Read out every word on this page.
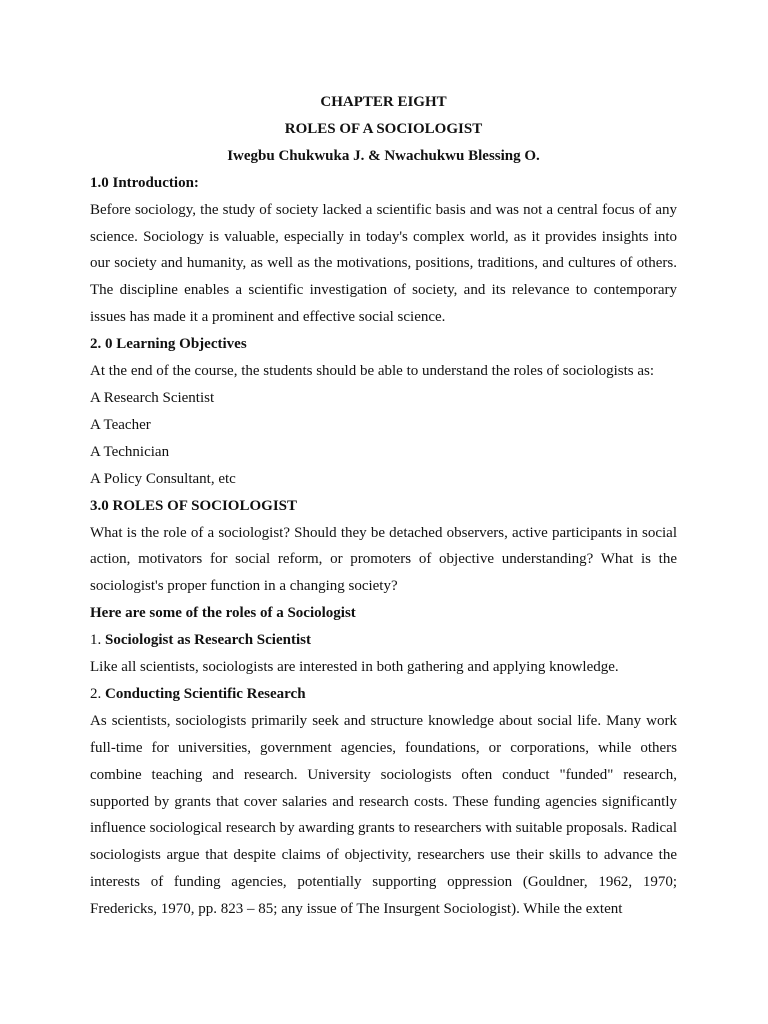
CHAPTER EIGHT
ROLES OF A SOCIOLOGIST
Iwegbu Chukwuka J. & Nwachukwu Blessing O.
1.0 Introduction:
Before sociology, the study of society lacked a scientific basis and was not a central focus of any science. Sociology is valuable, especially in today's complex world, as it provides insights into our society and humanity, as well as the motivations, positions, traditions, and cultures of others. The discipline enables a scientific investigation of society, and its relevance to contemporary issues has made it a prominent and effective social science.
2. 0 Learning Objectives
At the end of the course, the students should be able to understand the roles of sociologists as:
A Research Scientist
A Teacher
A Technician
A Policy Consultant, etc
3.0 ROLES OF SOCIOLOGIST
What is the role of a sociologist? Should they be detached observers, active participants in social action, motivators for social reform, or promoters of objective understanding? What is the sociologist's proper function in a changing society?
Here are some of the roles of a Sociologist
1. Sociologist as Research Scientist
Like all scientists, sociologists are interested in both gathering and applying knowledge.
2. Conducting Scientific Research
As scientists, sociologists primarily seek and structure knowledge about social life. Many work full-time for universities, government agencies, foundations, or corporations, while others combine teaching and research. University sociologists often conduct "funded" research, supported by grants that cover salaries and research costs. These funding agencies significantly influence sociological research by awarding grants to researchers with suitable proposals. Radical sociologists argue that despite claims of objectivity, researchers use their skills to advance the interests of funding agencies, potentially supporting oppression (Gouldner, 1962, 1970; Fredericks, 1970, pp. 823 – 85; any issue of The Insurgent Sociologist). While the extent
